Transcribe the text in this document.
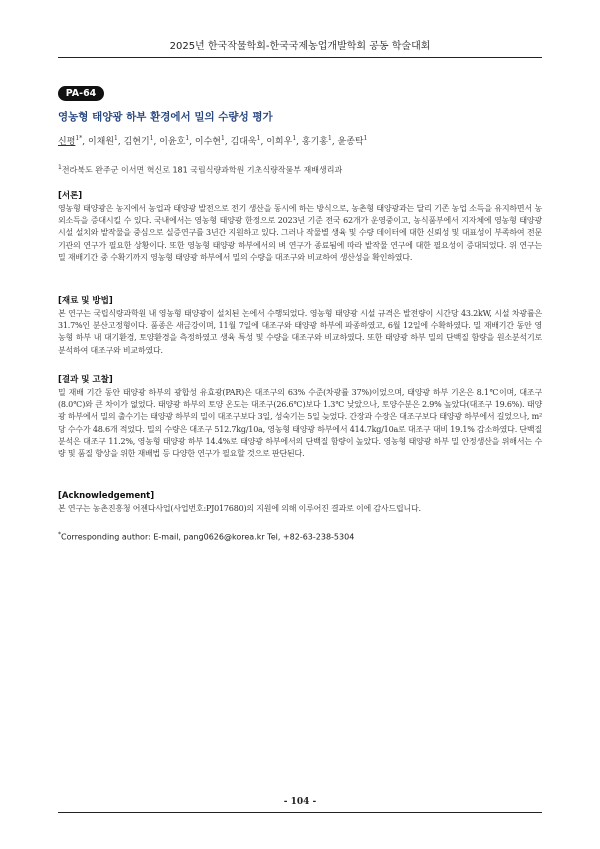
2025년 한국작물학회-한국국제농업개발학회 공동 학술대회
PA-64
영농형 태양광 하부 환경에서 밀의 수량성 평가
신평$^{1*}$, 이채원$^1$, 김현기$^1$, 이윤호$^1$, 이수현$^1$, 김대욱$^1$, 이희우$^1$, 홍기홍$^1$, 윤종탁$^1$
$^1$전라북도 완주군 이서면 혁신로 181 국립식량과학원 기초식량작물부 재배생리과

[서론]

영농형 태양광은 농지에서 농업과 태양광 발전으로 전기 생산을 동시에 하는 방식으로, 농촌형 태양광과는 달리 기존 농업 소득을 유지하면서 농외소득을 증대시킬 수 있다. 국내에서는 영농형 태양광 한정으로 2023년 기준 전국 62개가 운영중이고, 농식품부에서 지자체에 영농형 태양광 시설 설치와 밭작물을 중심으로 실증연구를 3년간 지원하고 있다. 그러나 작물별 생육 및 수량 데이터에 대한 신뢰성 및 대표성이 부족하여 전문기관의 연구가 필요한 상황이다. 또한 영농형 태양광 하부에서의 벼 연구가 종료됨에 따라 밭작물 연구에 대한 필요성이 증대되었다. 위 연구는 밀 재배기간 중 수확기까지 영농형 태양광 하부에서 밀의 수량을 대조구와 비교하여 생산성을 확인하였다.

[재료 및 방법]

본 연구는 국립식량과학원 내 영농형 태양광이 설치된 논에서 수행되었다. 영농형 태양광 시설 규격은 발전량이 시간당 43.2kW, 시설 차광률은 31.7%인 분산고정형이다. 품종은 새금강이며, 11월 7일에 대조구와 태양광 하부에 파종하였고, 6월 12일에 수확하였다. 밀 재배기간 동안 영농형 하부 내 대기환경, 토양환경을 측정하였고 생육 특성 및 수량을 대조구와 비교하였다. 또한 태양광 하부 밀의 단백질 함량을 원소분석기로 분석하여 대조구와 비교하였다.

[결과 및 고찰]

밀 재배 기간 동안 태양광 하부의 광합성 유효광(PAR)은 대조구의 63% 수준(차광률 37%)이었으며, 태양광 하부 기온은 8.1℃이며, 대조구(8.0℃)와 큰 차이가 없었다. 태양광 하부의 토양 온도는 대조구(26.6℃)보다 1.3℃ 낮았으나, 토양수분은 2.9% 높았다(대조구 19.6%). 태양광 하부에서 밀의 출수기는 태양광 하부의 밀이 대조구보다 3일, 성숙기는 5일 늦었다. 간장과 수장은 대조구보다 태양광 하부에서 길었으나, m²당 수수가 48.6개 적었다. 밀의 수량은 대조구 512.7kg/10a, 영농형 태양광 하부에서 414.7kg/10a로 대조구 대비 19.1% 감소하였다. 단백질 분석은 대조구 11.2%, 영농형 태양광 하부 14.4%로 태양광 하부에서의 단백질 함량이 높았다. 영농형 태양광 하부 밀 안정생산을 위해서는 수량 및 품질 향상을 위한 재배법 등 다양한 연구가 필요할 것으로 판단된다.

[Acknowledgement]

본 연구는 농촌진흥청 어젠다사업(사업번호:PJ017680)의 지원에 의해 이루어진 결과로 이에 감사드립니다.

*Corresponding author: E-mail, pang0626@korea.kr Tel, +82-63-238-5304
- 104 -
